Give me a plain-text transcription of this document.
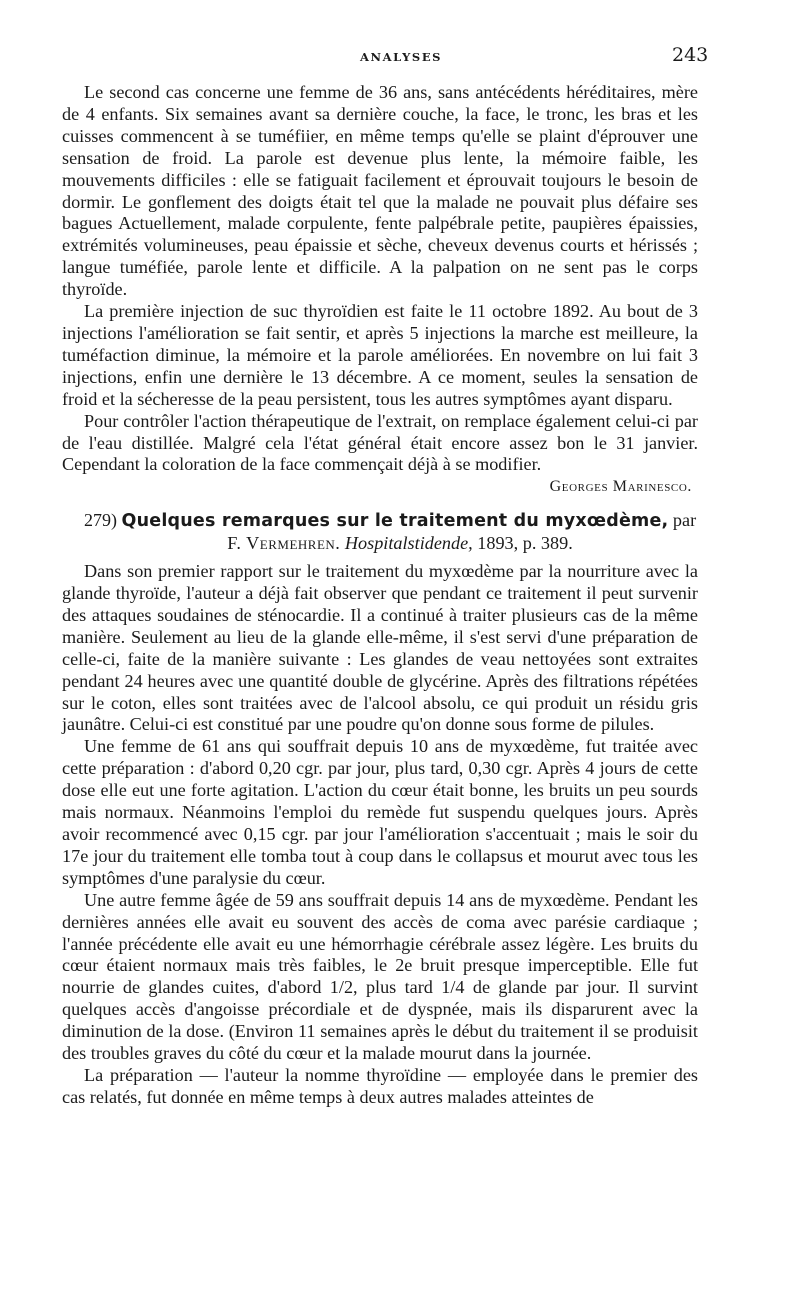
ANALYSES	243

Le second cas concerne une femme de 36 ans, sans antécédents héréditaires, mère de 4 enfants. Six semaines avant sa dernière couche, la face, le tronc, les bras et les cuisses commencent à se tuméfiier, en même temps qu'elle se plaint d'éprouver une sensation de froid. La parole est devenue plus lente, la mémoire faible, les mouvements difficiles : elle se fatiguait facilement et éprouvait toujours le besoin de dormir. Le gonflement des doigts était tel que la malade ne pouvait plus défaire ses bagues Actuellement, malade corpulente, fente palpébrale petite, paupières épaissies, extrémités volumineuses, peau épaissie et sèche, cheveux devenus courts et hérissés ; langue tuméfiée, parole lente et difficile. A la palpation on ne sent pas le corps thyroïde.

La première injection de suc thyroïdien est faite le 11 octobre 1892. Au bout de 3 injections l'amélioration se fait sentir, et après 5 injections la marche est meilleure, la tuméfaction diminue, la mémoire et la parole améliorées. En novembre on lui fait 3 injections, enfin une dernière le 13 décembre. A ce moment, seules la sensation de froid et la sécheresse de la peau persistent, tous les autres symptômes ayant disparu.

Pour contrôler l'action thérapeutique de l'extrait, on remplace également celui-ci par de l'eau distillée. Malgré cela l'état général était encore assez bon le 31 janvier. Cependant la coloration de la face commençait déjà à se modifier.

Georges Marinesco.

279) Quelques remarques sur le traitement du myxœdème, par

F. Vermehren. Hospitalstidende, 1893, p. 389.

Dans son premier rapport sur le traitement du myxœdème par la nourriture avec la glande thyroïde, l'auteur a déjà fait observer que pendant ce traitement il peut survenir des attaques soudaines de sténocardie. Il a continué à traiter plusieurs cas de la même manière. Seulement au lieu de la glande elle-même, il s'est servi d'une préparation de celle-ci, faite de la manière suivante : Les glandes de veau nettoyées sont extraites pendant 24 heures avec une quantité double de glycérine. Après des filtrations répétées sur le coton, elles sont traitées avec de l'alcool absolu, ce qui produit un résidu gris jaunâtre. Celui-ci est constitué par une poudre qu'on donne sous forme de pilules.

Une femme de 61 ans qui souffrait depuis 10 ans de myxœdème, fut traitée avec cette préparation : d'abord 0,20 cgr. par jour, plus tard, 0,30 cgr. Après 4 jours de cette dose elle eut une forte agitation. L'action du cœur était bonne, les bruits un peu sourds mais normaux. Néanmoins l'emploi du remède fut suspendu quelques jours. Après avoir recommencé avec 0,15 cgr. par jour l'amélioration s'accentuait ; mais le soir du 17e jour du traitement elle tomba tout à coup dans le collapsus et mourut avec tous les symptômes d'une paralysie du cœur.

Une autre femme âgée de 59 ans souffrait depuis 14 ans de myxœdème. Pendant les dernières années elle avait eu souvent des accès de coma avec parésie cardiaque ; l'année précédente elle avait eu une hémorrhagie cérébrale assez légère. Les bruits du cœur étaient normaux mais très faibles, le 2e bruit presque imperceptible. Elle fut nourrie de glandes cuites, d'abord 1/2, plus tard 1/4 de glande par jour. Il survint quelques accès d'angoisse précordiale et de dyspnée, mais ils disparurent avec la diminution de la dose. (Environ 11 semaines après le début du traitement il se produisit des troubles graves du côté du cœur et la malade mourut dans la journée.

La préparation — l'auteur la nomme thyroïdine — employée dans le premier des cas relatés, fut donnée en même temps à deux autres malades atteintes de
